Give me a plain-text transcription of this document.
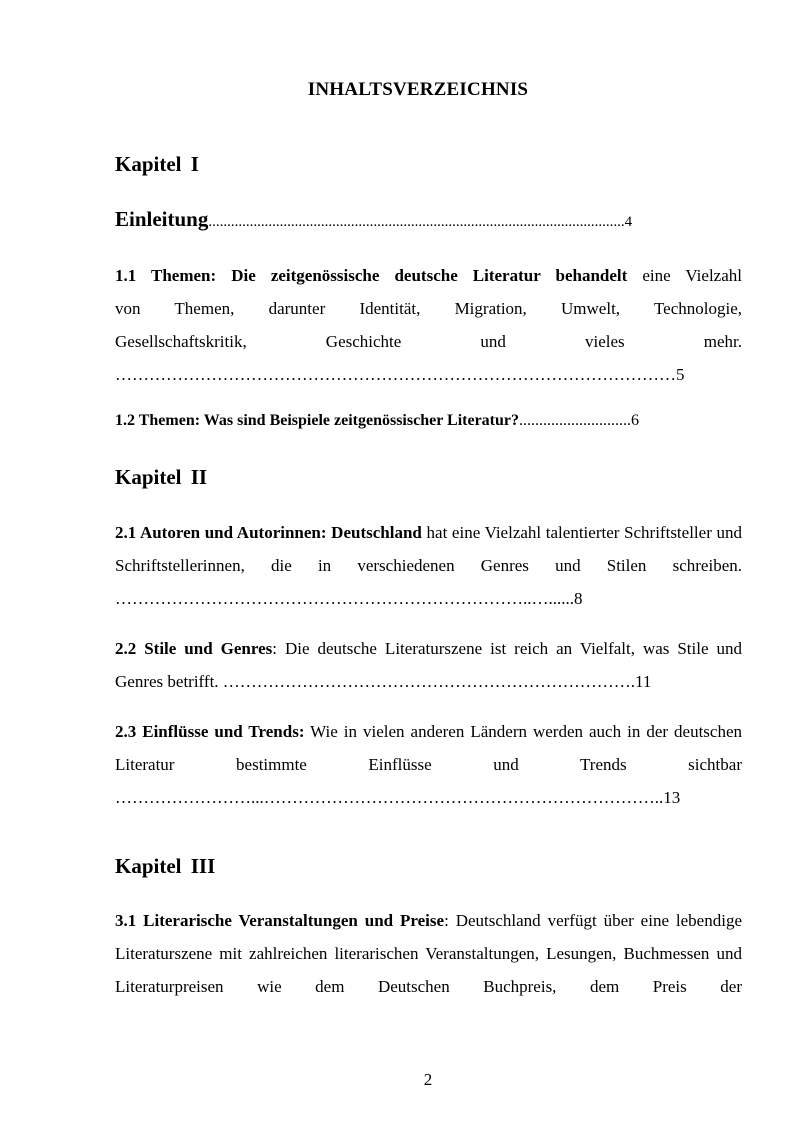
INHALTSVERZEICHNIS
Kapitel I
Einleitung...............................................................................................................4
1.1 Themen: Die zeitgenössische deutsche Literatur behandelt eine Vielzahl
von Themen, darunter Identität, Migration, Umwelt, Technologie,
Gesellschaftskritik, Geschichte und vieles mehr.
………………………………………………………………………………………5
1.2 Themen: Was sind Beispiele zeitgenössischer Literatur?............................6
Kapitel II
2.1 Autoren und Autorinnen: Deutschland hat eine Vielzahl talentierter Schriftsteller und Schriftstellerinnen, die in verschiedenen Genres und Stilen schreiben. ………………………………………………………………..…......8
2.2 Stile und Genres: Die deutsche Literaturszene ist reich an Vielfalt, was Stile und Genres betrifft. ……………………………………………………………….11
2.3 Einflüsse und Trends: Wie in vielen anderen Ländern werden auch in der deutschen Literatur bestimmte Einflüsse und Trends sichtbar
……………………...……………………………………………………………..13
Kapitel III
3.1 Literarische Veranstaltungen und Preise: Deutschland verfügt über eine lebendige Literaturszene mit zahlreichen literarischen Veranstaltungen, Lesungen, Buchmessen und Literaturpreisen wie dem Deutschen Buchpreis, dem Preis der
2
